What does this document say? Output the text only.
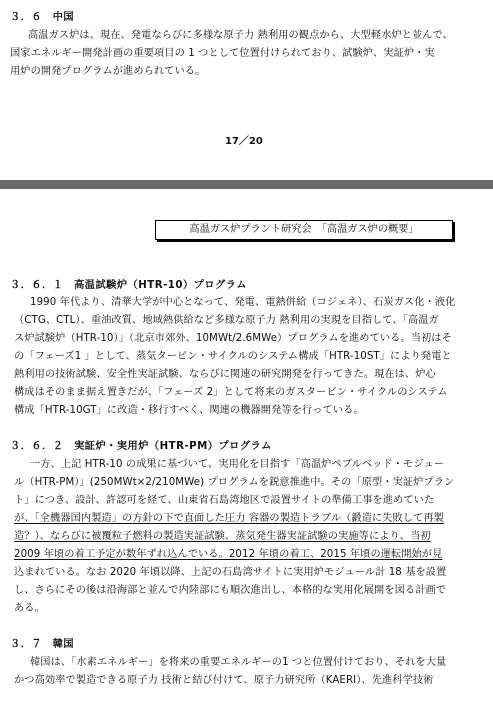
３．６　中国
高温ガス炉は、現在、発電ならびに多様な原子力 熱利用の観点から、大型軽水炉と並んで、
国家エネルギー開発計画の重要項目の 1 つとして位置付けられており、試験炉、実証炉・実
用炉の開発プログラムが進められている。
17／20
高温ガス炉プラント研究会　「高温ガス炉の概要」
３．６．１　高温試験炉（HTR-10）プログラム
1990 年代より、清華大学が中心となって、発電、電熱併給（コジェネ）、石炭ガス化・液化
（CTG、CTL）、重油改質、地域熱供給など多様な原子力 熱利用の実現を目指して、「高温ガ
ス炉試験炉（HTR-10）」（北京市郊外、10MWt/2.6MWe）プログラムを進めている。当初はそ
の「フェーズ1 」として、蒸気タービン・サイクルのシステム構成「HTR-10ST」により発電と
熱利用の技術試験、安全性実証試験、ならびに関連の研究開発を行ってきた。現在は、炉心
構成はそのまま据え置きだが、「フェーズ 2」として将来のガスタービン・サイクルのシステム
構成「HTR-10GT」に改造・移行すべく、関連の機器開発等を行っている。
３．６．２　実証炉・実用炉（HTR-PM）プログラム
一方、上記 HTR-10 の成果に基づいて、実用化を目指す「高温炉ペブルベッド・モジュー
ル（HTR-PM）」(250MWt×2/210MWe) プログラムを鋭意推進中。その「原型・実証炉プラン
ト」につき、設計、許認可を経て、山東省石島湾地区で設置サイトの準備工事を進めていた
が、「全機器国内製造」の方針の下で直面した圧力 容器の製造トラブル（鍛造に失敗して再製
造？）、ならびに被覆粒子燃料の製造実証試験、蒸気発生器実証試験の実施等により、当初
2009 年頃の着工予定が数年ずれ込んでいる。2012 年頃の着工、2015 年頃の運転開始が見
込まれている。なお 2020 年頃以降、上記の石島湾サイトに実用炉モジュール計 18 基を設置
し、さらにその後は沿海部と並んで内陸部にも順次進出し、本格的な実用化展開を図る計画で
ある。
３．７　韓国
韓国は、「水素エネルギー」を将来の重要エネルギーの1 つと位置付けており、それを大量
かつ高効率で製造できる原子力 技術と結び付けて、原子力研究所（KAERI）、先進科学技術
